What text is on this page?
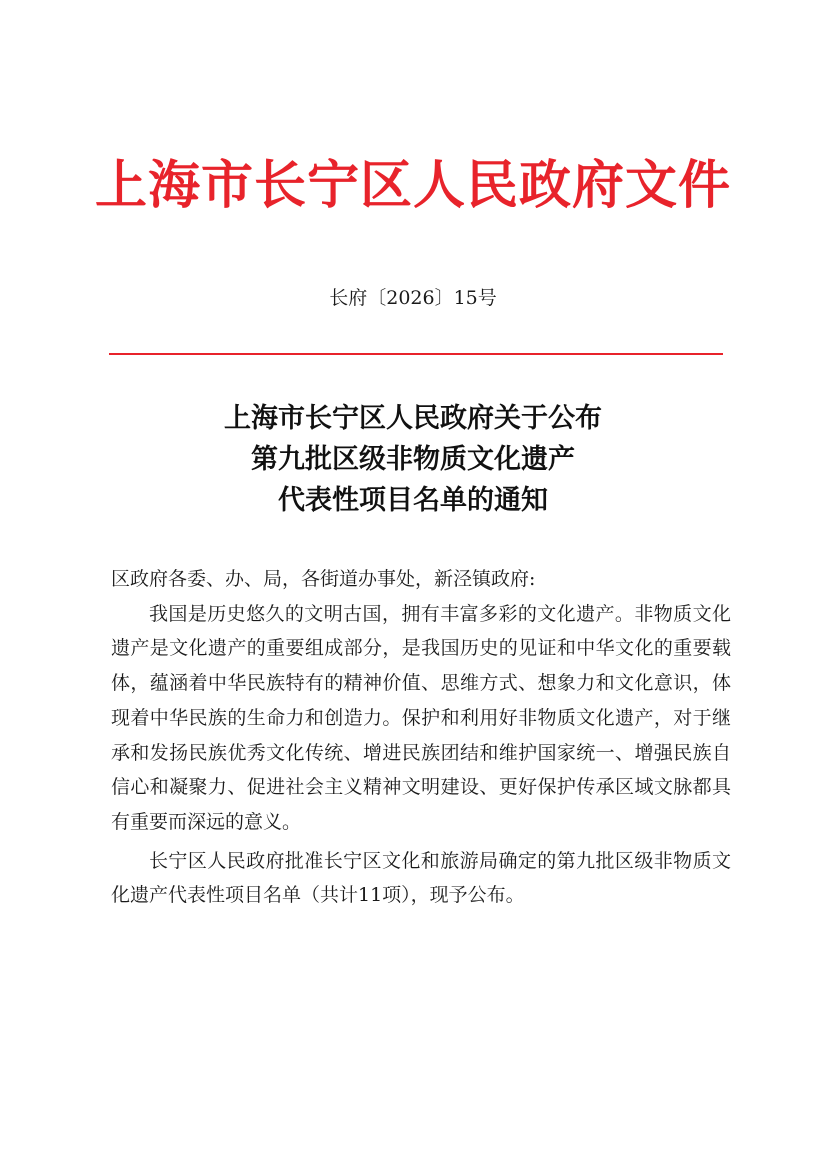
上海市长宁区人民政府文件
长府〔2026〕15号
上海市长宁区人民政府关于公布
第九批区级非物质文化遗产
代表性项目名单的通知

区政府各委、办、局，各街道办事处，新泾镇政府:

我国是历史悠久的文明古国，拥有丰富多彩的文化遗产。非物质文化遗产是文化遗产的重要组成部分，是我国历史的见证和中华文化的重要载体，蕴涵着中华民族特有的精神价值、思维方式、想象力和文化意识，体现着中华民族的生命力和创造力。保护和利用好非物质文化遗产，对于继承和发扬民族优秀文化传统、增进民族团结和维护国家统一、增强民族自信心和凝聚力、促进社会主义精神文明建设、更好保护传承区域文脉都具有重要而深远的意义。

长宁区人民政府批准长宁区文化和旅游局确定的第九批区级非物质文化遗产代表性项目名单（共计11项），现予公布。
